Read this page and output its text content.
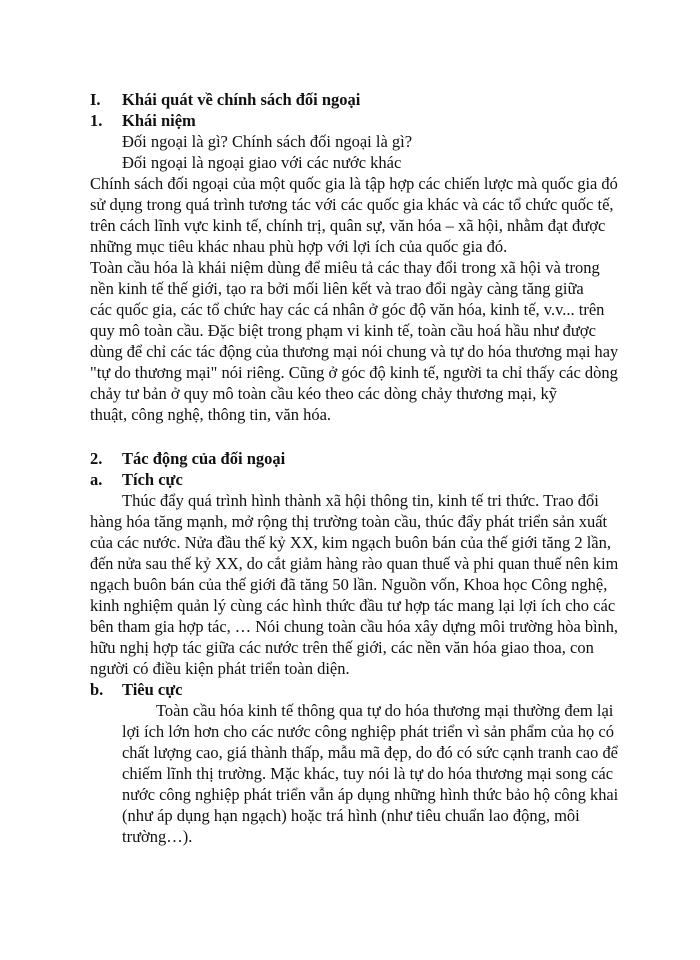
I. Khái quát về chính sách đối ngoại
1. Khái niệm
Đối ngoại là gì? Chính sách đối ngoại là gì?
Đối ngoại là ngoại giao với các nước khác
Chính sách đối ngoại của một quốc gia là tập hợp các chiến lược mà quốc gia đó
sử dụng trong quá trình tương tác với các quốc gia khác và các tổ chức quốc tế,
trên cách lĩnh vực kinh tế, chính trị, quân sự, văn hóa – xã hội, nhằm đạt được
những mục tiêu khác nhau phù hợp với lợi ích của quốc gia đó.
Toàn cầu hóa là khái niệm dùng để miêu tả các thay đổi trong xã hội và trong
nền kinh tế thế giới, tạo ra bởi mối liên kết và trao đổi ngày càng tăng giữa
các quốc gia, các tổ chức hay các cá nhân ở góc độ văn hóa, kinh tế, v.v... trên
quy mô toàn cầu. Đặc biệt trong phạm vi kinh tế, toàn cầu hoá hầu như được
dùng để chỉ các tác động của thương mại nói chung và tự do hóa thương mại hay
"tự do thương mại" nói riêng. Cũng ở góc độ kinh tế, người ta chỉ thấy các dòng
chảy tư bản ở quy mô toàn cầu kéo theo các dòng chảy thương mại, kỹ
thuật, công nghệ, thông tin, văn hóa.
2. Tác động của đối ngoại
a. Tích cực
Thúc đẩy quá trình hình thành xã hội thông tin, kinh tế tri thức. Trao đổi
hàng hóa tăng mạnh, mở rộng thị trường toàn cầu, thúc đẩy phát triển sản xuất
của các nước. Nửa đầu thế kỷ XX, kim ngạch buôn bán của thế giới tăng 2 lần,
đến nửa sau thế kỷ XX, do cắt giảm hàng rào quan thuế và phi quan thuế nên kim
ngạch buôn bán của thế giới đã tăng 50 lần. Nguồn vốn, Khoa học Công nghệ,
kinh nghiệm quản lý cùng các hình thức đầu tư hợp tác mang lại lợi ích cho các
bên tham gia hợp tác, … Nói chung toàn cầu hóa xây dựng môi trường hòa bình,
hữu nghị hợp tác giữa các nước trên thế giới, các nền văn hóa giao thoa, con
người có điều kiện phát triển toàn diện.
b. Tiêu cực
Toàn cầu hóa kinh tế thông qua tự do hóa thương mại thường đem lại
lợi ích lớn hơn cho các nước công nghiệp phát triển vì sản phẩm của họ có
chất lượng cao, giá thành thấp, mẫu mã đẹp, do đó có sức cạnh tranh cao để
chiếm lĩnh thị trường. Mặc khác, tuy nói là tự do hóa thương mại song các
nước công nghiệp phát triển vẫn áp dụng những hình thức bảo hộ công khai
(như áp dụng hạn ngạch) hoặc trá hình (như tiêu chuẩn lao động, môi
trường…).
